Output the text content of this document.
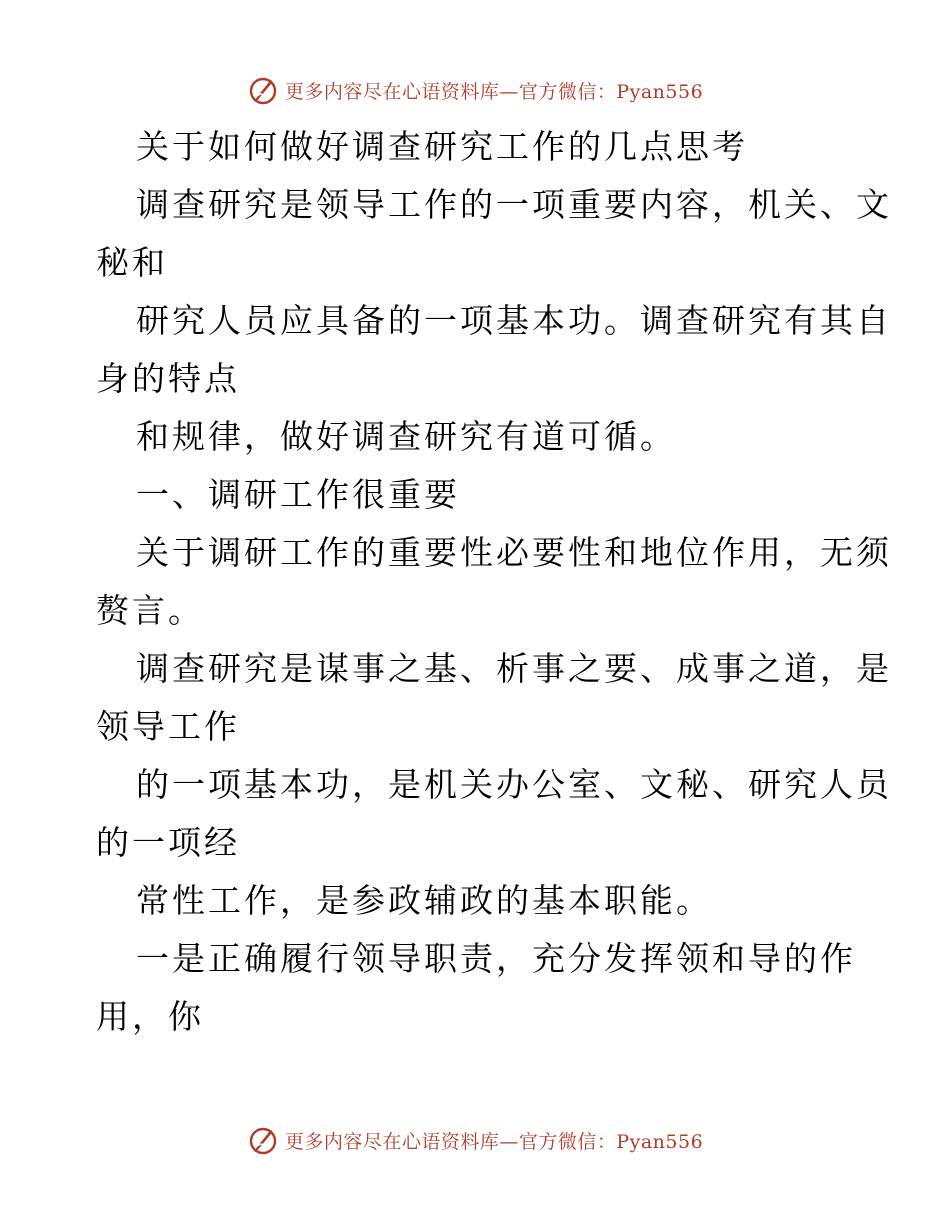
更多内容尽在心语资料库—官方微信：Pyan556

关于如何做好调查研究工作的几点思考

调查研究是领导工作的一项重要内容，机关、文

秘和

研究人员应具备的一项基本功。调查研究有其自

身的特点

和规律，做好调查研究有道可循。

一、调研工作很重要

关于调研工作的重要性必要性和地位作用，无须

赘言。

调查研究是谋事之基、析事之要、成事之道，是

领导工作

的一项基本功，是机关办公室、文秘、研究人员

的一项经

常性工作，是参政辅政的基本职能。

一是正确履行领导职责，充分发挥领和导的作

用，你

更多内容尽在心语资料库—官方微信：Pyan556
